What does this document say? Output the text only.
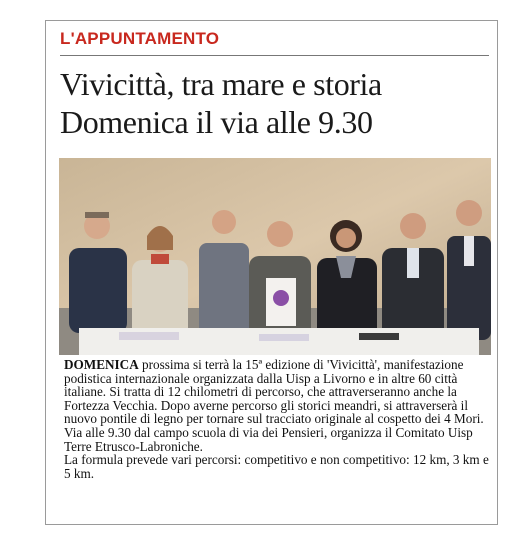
L'APPUNTAMENTO
Vivicittà, tra mare e storia
Domenica il via alle 9.30
DOMENICA prossima si terrà la 15ª edizione di 'Vivicittà', manifestazione podistica internazionale organizzata dalla Uisp a Livorno e in altre 60 città italiane. Si tratta di 12 chilometri di percorso, che attraverseranno anche la Fortezza Vecchia. Dopo averne percorso gli storici meandri, si attraverserà il nuovo pontile di legno per tornare sul tracciato originale al cospetto dei 4 Mori. Via alle 9.30 dal campo scuola di via dei Pensieri, organizza il Comitato Uisp Terre Etrusco-Labroniche.
La formula prevede vari percorsi: competitivo e non competitivo: 12 km, 3 km e 5 km.
